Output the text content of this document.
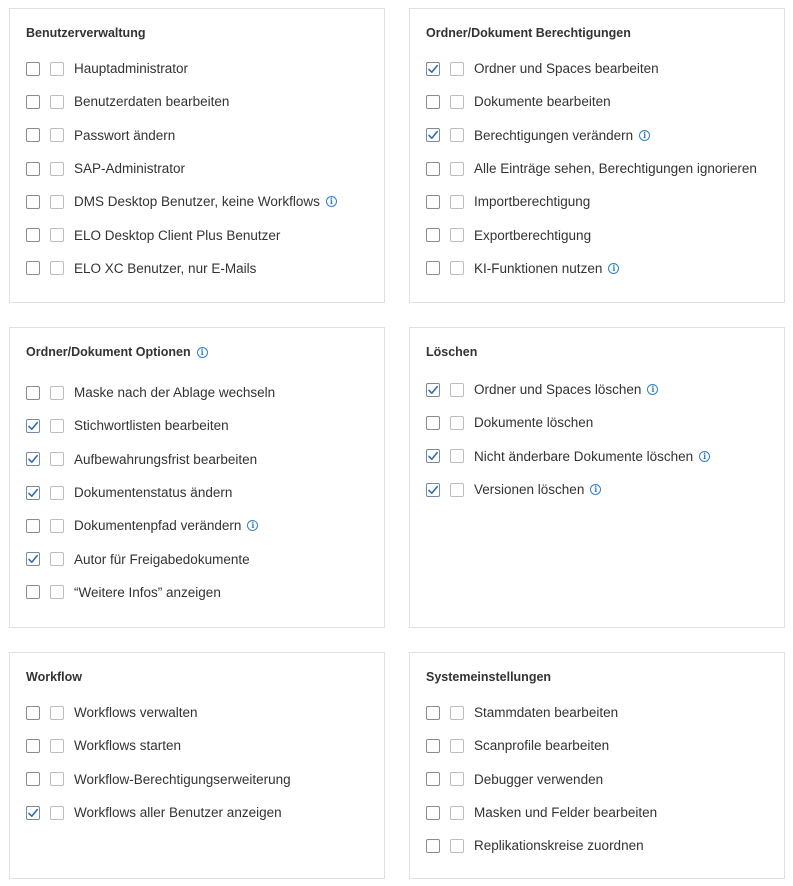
Benutzerverwaltung
Hauptadministrator
Benutzerdaten bearbeiten
Passwort ändern
SAP-Administrator
DMS Desktop Benutzer, keine Workflows	i
ELO Desktop Client Plus Benutzer
ELO XC Benutzer, nur E-Mails
Ordner/Dokument Berechtigungen
Ordner und Spaces bearbeiten
Dokumente bearbeiten
Berechtigungen verändern	i
Alle Einträge sehen, Berechtigungen ignorieren
Importberechtigung
Exportberechtigung
KI-Funktionen nutzen	i
Ordner/Dokument Optionen	i
Maske nach der Ablage wechseln
Stichwortlisten bearbeiten
Aufbewahrungsfrist bearbeiten
Dokumentenstatus ändern
Dokumentenpfad verändern	i
Autor für Freigabedokumente
“Weitere Infos” anzeigen
Löschen
Ordner und Spaces löschen	i
Dokumente löschen
Nicht änderbare Dokumente löschen	i
Versionen löschen	i
Workflow
Workflows verwalten
Workflows starten
Workflow-Berechtigungserweiterung
Workflows aller Benutzer anzeigen
Systemeinstellungen
Stammdaten bearbeiten
Scanprofile bearbeiten
Debugger verwenden
Masken und Felder bearbeiten
Replikationskreise zuordnen
